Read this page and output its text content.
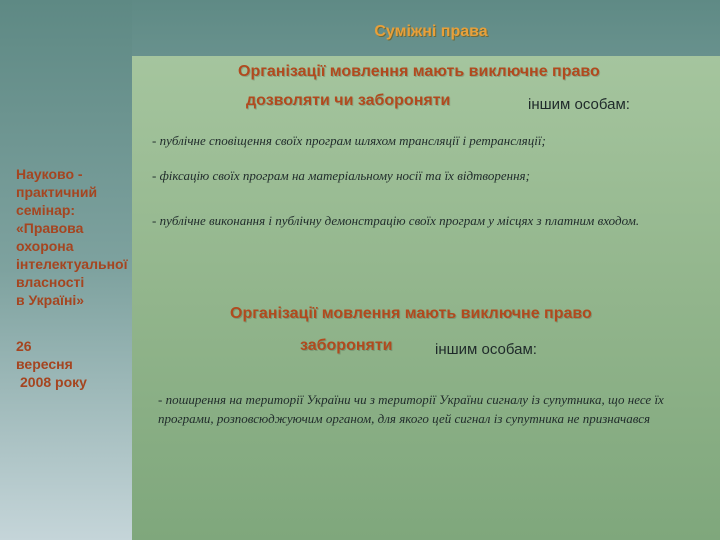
Суміжні права
Організації мовлення мають виключне право
дозволяти чи забороняти	іншим особам:
- публічне сповіщення своїх програм шляхом трансляції і ретрансляції;
- фіксацію своїх програм на матеріальному носії та їх відтворення;
- публічне виконання і публічну демонстрацію своїх програм у місцях з платним входом.
Науково -
практичний
семінар:
«Правова
охорона
інтелектуальної
власності
в Україні»
26
вересня
2008 року
Організації мовлення мають виключне право
забороняти	іншим особам:
- поширення на території України чи з території України сигналу із супутника, що несе їх програми, розповсюджуючим органом, для якого цей сигнал із супутника не призначався
